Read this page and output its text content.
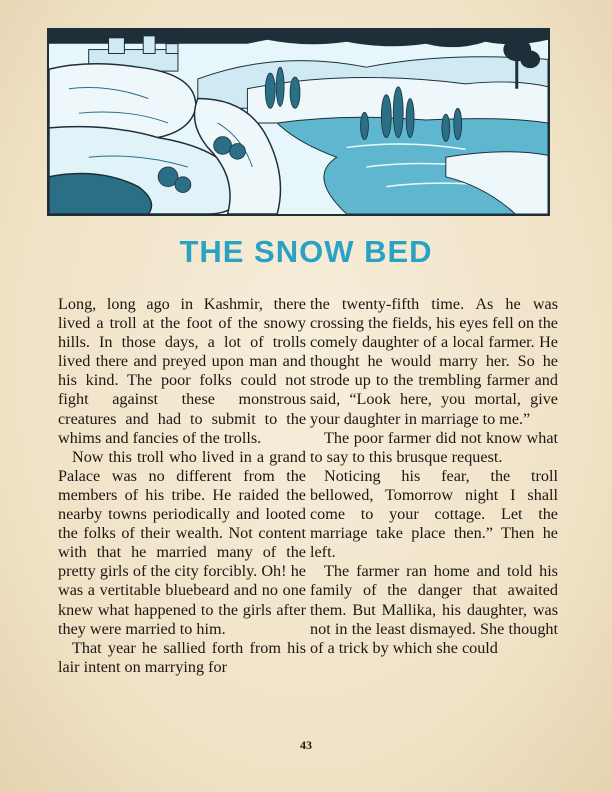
THE SNOW BED

Long, long ago in Kashmir, there lived a troll at the foot of the snowy hills. In those days, a lot of trolls lived there and preyed upon man and his kind. The poor folks could not fight against these monstrous creatures and had to submit to the whims and fancies of the trolls.

Now this troll who lived in a grand Palace was no different from the members of his tribe. He raided the nearby towns periodically and looted the folks of their wealth. Not content with that he married many of the pretty girls of the city forcibly. Oh! he was a vertitable bluebeard and no one knew what happened to the girls after they were married to him.

That year he sallied forth from his lair intent on marrying for

the twenty-fifth time. As he was crossing the fields, his eyes fell on the comely daughter of a local farmer. He thought he would marry her. So he strode up to the trembling farmer and said, “Look here, you mortal, give your daughter in marriage to me.”

The poor farmer did not know what to say to this brusque request.

Noticing his fear, the troll bellowed, Tomorrow night I shall come to your cottage. Let the marriage take place then.” Then he left.

The farmer ran home and told his family of the danger that awaited them. But Mallika, his daughter, was not in the least dismayed. She thought of a trick by which she could

43
